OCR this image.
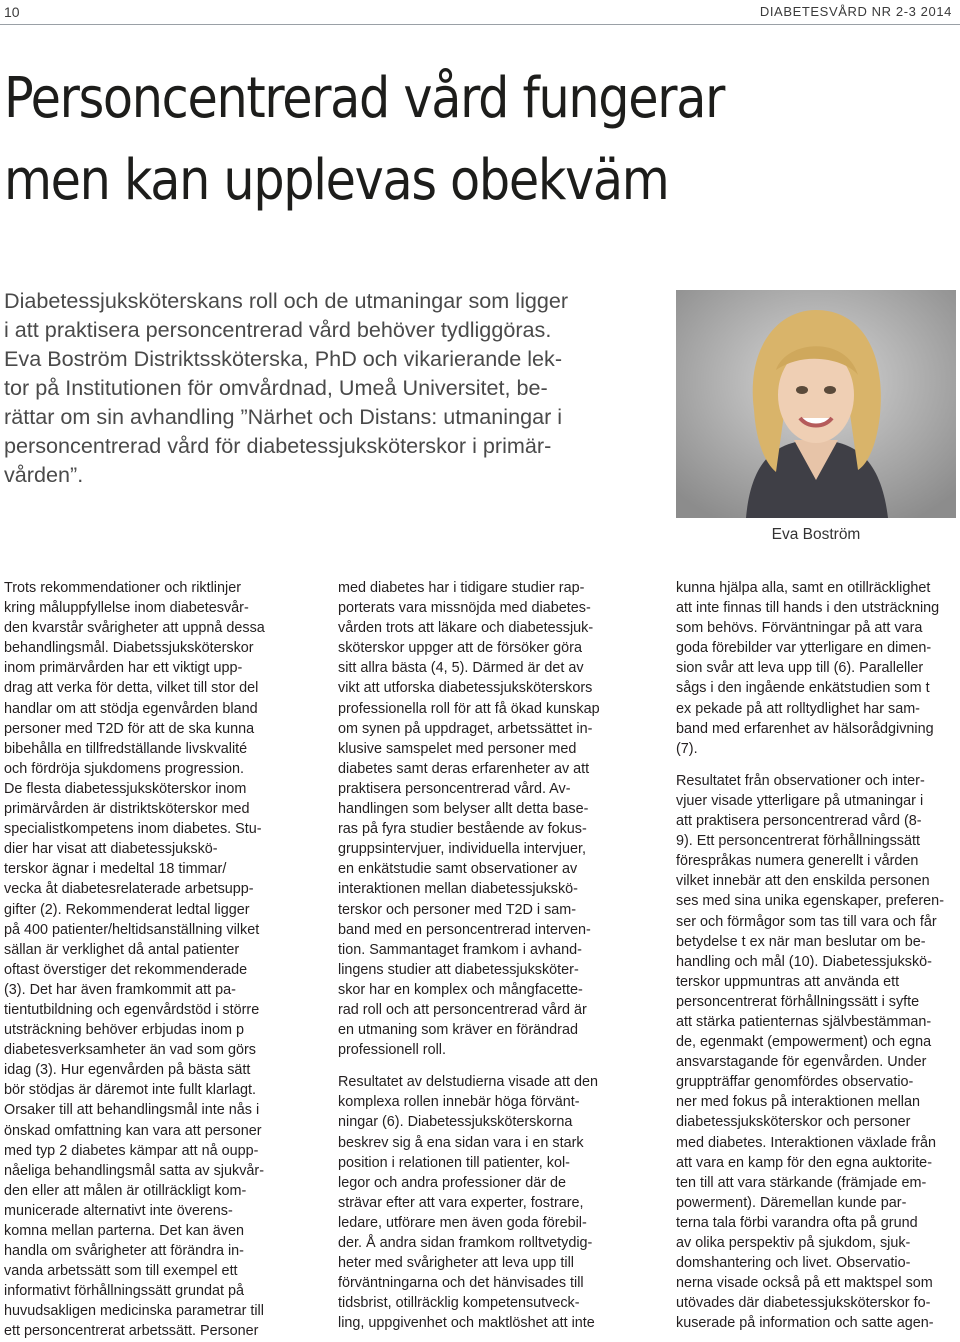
10	DIABETESVÅRD NR 2-3 2014
Personcentrerad vård fungerar
men kan upplevas obekväm
Diabetessjuksköterskans roll och de utmaningar som ligger
i att praktisera personcentrerad vård behöver tydliggöras.
Eva Boström Distriktssköterska, PhD och vikarierande lek-
tor på Institutionen för omvårdnad, Umeå Universitet, be-
rättar om sin avhandling ”Närhet och Distans: utmaningar i
personcentrerad vård för diabetessjuksköterskor i primär-
vården”.
Eva Boström
Trots rekommendationer och riktlinjer
kring måluppfyllelse inom diabetesvår-
den kvarstår svårigheter att uppnå dessa
behandlingsmål. Diabetssjuksköterskor
inom primärvården har ett viktigt upp-
drag att verka för detta, vilket till stor del
handlar om att stödja egenvården bland
personer med T2D för att de ska kunna
bibehålla en tillfredställande livskvalité
och fördröja sjukdomens progression.
De flesta diabetessjuksköterskor inom
primärvården är distriktsköterskor med
specialistkompetens inom diabetes. Stu-
dier har visat att diabetessjukskö-
terskor ägnar i medeltal 18 timmar/
vecka åt diabetesrelaterade arbetsupp-
gifter (2). Rekommenderat ledtal ligger
på 400 patienter/heltidsanställning vilket
sällan är verklighet då antal patienter
oftast överstiger det rekommenderade
(3). Det har även framkommit att pa-
tientutbildning och egenvårdstöd i större
utsträckning behöver erbjudas inom p
diabetesverksamheter än vad som görs
idag (3). Hur egenvården på bästa sätt
bör stödjas är däremot inte fullt klarlagt.
Orsaker till att behandlingsmål inte nås i
önskad omfattning kan vara att personer
med typ 2 diabetes kämpar att nå oupp-
nåeliga behandlingsmål satta av sjukvår-
den eller att målen är otillräckligt kom-
municerade alternativt inte överens-
komna mellan parterna. Det kan även
handla om svårigheter att förändra in-
vanda arbetssätt som till exempel ett
informativt förhållningssätt grundat på
huvudsakligen medicinska parametrar till
ett personcentrerat arbetssätt. Personer
med diabetes har i tidigare studier rap-
porterats vara missnöjda med diabetes-
vården trots att läkare och diabetessjuk-
sköterskor uppger att de försöker göra
sitt allra bästa (4, 5). Därmed är det av
vikt att utforska diabetessjuksköterskors
professionella roll för att få ökad kunskap
om synen på uppdraget, arbetssättet in-
klusive samspelet med personer med
diabetes samt deras erfarenheter av att
praktisera personcentrerad vård. Av-
handlingen som belyser allt detta base-
ras på fyra studier bestående av fokus-
gruppsintervjuer, individuella intervjuer,
en enkätstudie samt observationer av
interaktionen mellan diabetessjukskö-
terskor och personer med T2D i sam-
band med en personcentrerad interven-
tion. Sammantaget framkom i avhand-
lingens studier att diabetessjuksköter-
skor har en komplex och mångfacette-
rad roll och att personcentrerad vård är
en utmaning som kräver en förändrad
professionell roll.
Resultatet av delstudierna visade att den
komplexa rollen innebär höga förvänt-
ningar (6). Diabetessjuksköterskorna
beskrev sig å ena sidan vara i en stark
position i relationen till patienter, kol-
legor och andra professioner där de
strävar efter att vara experter, fostrare,
ledare, utförare men även goda förebil-
der. Å andra sidan framkom rolltvetydig-
heter med svårigheter att leva upp till
förväntningarna och det hänvisades till
tidsbrist, otillräcklig kompetensutveck-
ling, uppgivenhet och maktlöshet att inte
kunna hjälpa alla, samt en otillräcklighet
att inte finnas till hands i den utsträckning
som behövs. Förväntningar på att vara
goda förebilder var ytterligare en dimen-
sion svår att leva upp till (6). Paralleller
sågs i den ingående enkätstudien som t
ex pekade på att rolltydlighet har sam-
band med erfarenhet av hälsorådgivning
(7).
Resultatet från observationer och inter-
vjuer visade ytterligare på utmaningar i
att praktisera personcentrerad vård (8-
9). Ett personcentrerat förhållningssätt
förespråkas numera generellt i vården
vilket innebär att den enskilda personen
ses med sina unika egenskaper, preferen-
ser och förmågor som tas till vara och får
betydelse t ex när man beslutar om be-
handling och mål (10). Diabetessjukskö-
terskor uppmuntras att använda ett
personcentrerat förhållningssätt i syfte
att stärka patienternas självbestämman-
de, egenmakt (empowerment) och egna
ansvarstagande för egenvården. Under
gruppträffar genomfördes observatio-
ner med fokus på interaktionen mellan
diabetessjuksköterskor och personer
med diabetes. Interaktionen växlade från
att vara en kamp för den egna auktorite-
ten till att vara stärkande (främjade em-
powerment). Däremellan kunde par-
terna tala förbi varandra ofta på grund
av olika perspektiv på sjukdom, sjuk-
domshantering och livet. Observatio-
nerna visade också på ett maktspel som
utövades där diabetessjuksköterskor fo-
kuserade på information och satte agen-
